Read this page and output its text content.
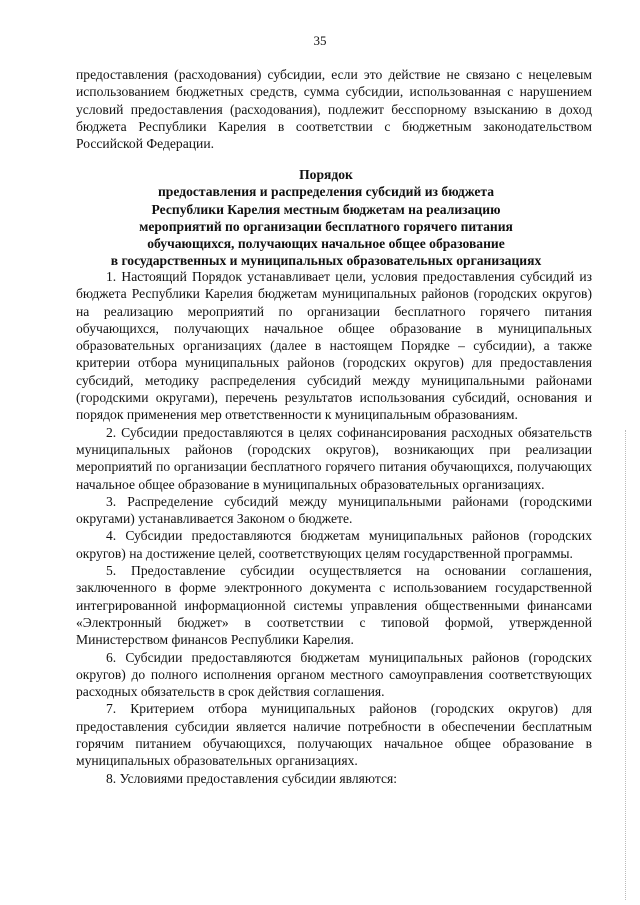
35

предоставления (расходования) субсидии, если это действие не связано с нецелевым использованием бюджетных средств, сумма субсидии, использованная с нарушением условий предоставления (расходования), подлежит бесспорному взысканию в доход бюджета Республики Карелия в соответствии с бюджетным законодательством Российской Федерации.

Порядок
предоставления и распределения субсидий из бюджета
Республики Карелия местным бюджетам на реализацию
мероприятий по организации бесплатного горячего питания
обучающихся, получающих начальное общее образование
в государственных и муниципальных образовательных организациях

1. Настоящий Порядок устанавливает цели, условия предоставления субсидий из бюджета Республики Карелия бюджетам муниципальных районов (городских округов) на реализацию мероприятий по организации бесплатного горячего питания обучающихся, получающих начальное общее образование в муниципальных образовательных организациях (далее в настоящем Порядке – субсидии), а также критерии отбора муниципальных районов (городских округов) для предоставления субсидий, методику распределения субсидий между муниципальными районами (городскими округами), перечень результатов использования субсидий, основания и порядок применения мер ответственности к муниципальным образованиям.

2. Субсидии предоставляются в целях софинансирования расходных обязательств муниципальных районов (городских округов), возникающих при реализации мероприятий по организации бесплатного горячего питания обучающихся, получающих начальное общее образование в муниципальных образовательных организациях.

3. Распределение субсидий между муниципальными районами (городскими округами) устанавливается Законом о бюджете.

4. Субсидии предоставляются бюджетам муниципальных районов (городских округов) на достижение целей, соответствующих целям государственной программы.

5. Предоставление субсидии осуществляется на основании соглашения, заключенного в форме электронного документа с использованием государственной интегрированной информационной системы управления общественными финансами «Электронный бюджет» в соответствии с типовой формой, утвержденной Министерством финансов Республики Карелия.

6. Субсидии предоставляются бюджетам муниципальных районов (городских округов) до полного исполнения органом местного самоуправления соответствующих расходных обязательств в срок действия соглашения.

7. Критерием отбора муниципальных районов (городских округов) для предоставления субсидии является наличие потребности в обеспечении бесплатным горячим питанием обучающихся, получающих начальное общее образование в муниципальных образовательных организациях.

8. Условиями предоставления субсидии являются:
